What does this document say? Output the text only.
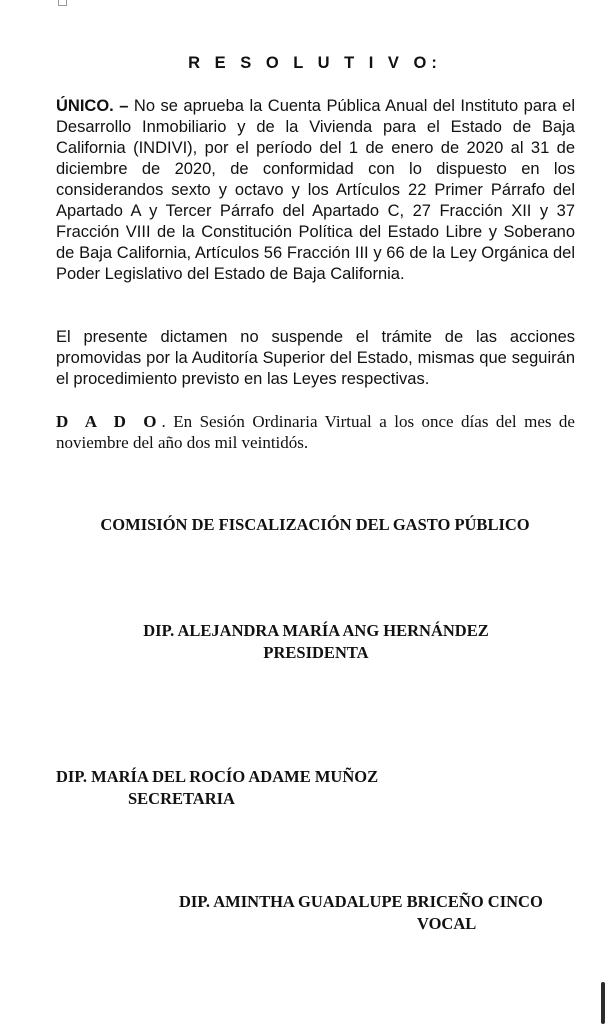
R E S O L U T I V O:
ÚNICO. – No se aprueba la Cuenta Pública Anual del Instituto para el Desarrollo Inmobiliario y de la Vivienda para el Estado de Baja California (INDIVI), por el período del 1 de enero de 2020 al 31 de diciembre de 2020, de conformidad con lo dispuesto en los considerandos sexto y octavo y los Artículos 22 Primer Párrafo del Apartado A y Tercer Párrafo del Apartado C, 27 Fracción XII y 37 Fracción VIII de la Constitución Política del Estado Libre y Soberano de Baja California, Artículos 56 Fracción III y 66 de la Ley Orgánica del Poder Legislativo del Estado de Baja California.
El presente dictamen no suspende el trámite de las acciones promovidas por la Auditoría Superior del Estado, mismas que seguirán el procedimiento previsto en las Leyes respectivas.
D A D O. En Sesión Ordinaria Virtual a los once días del mes de noviembre del año dos mil veintidós.
COMISIÓN DE FISCALIZACIÓN DEL GASTO PÚBLICO
DIP. ALEJANDRA MARÍA ANG HERNÁNDEZ
PRESIDENTA
DIP. MARÍA DEL ROCÍO ADAME MUÑOZ
SECRETARIA
DIP. AMINTHA GUADALUPE BRICEÑO CINCO
VOCAL
